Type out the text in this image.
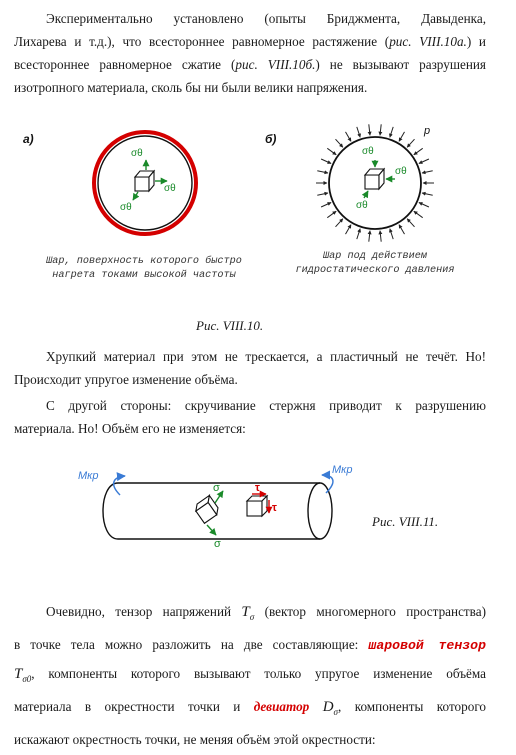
Экспериментально установлено (опыты Бриджмента, Давыденка,
Лихарева и т.д.), что всестороннее равномерное растяжение (рис. VIII.10а.) и
всестороннее равномерное сжатие (рис. VIII.10б.) не вызывают разрушения
изотропного материала, сколь бы ни были велики напряжения.
а)
σθ
σθ
σθ
б)
p
σθ
σθ
σθ
Шар, поверхность которого быстро
нагрета токами высокой частоты
Шар под действием
гидростатического давления
Рис. VIII.10.
Хрупкий материал при этом не трескается, а пластичный не течёт. Но!
Происходит упругое изменение объёма.
С другой стороны: скручивание стержня приводит к разрушению
материала. Но! Объём его не изменяется:
Mкр	Mкр
σ
σ
τ
τ
Рис. VIII.11.
Очевидно, тензор напряжений $T_\sigma$ (вектор многомерного пространства)
в точке тела можно разложить на две составляющие: шаровой тензор
$T_{\sigma 0}$, компоненты которого вызывают только упругое изменение объёма
материала в окрестности точки и девиатор $D_\sigma$, компоненты которого
искажают окрестность точки, не меняя объём этой окрестности:
